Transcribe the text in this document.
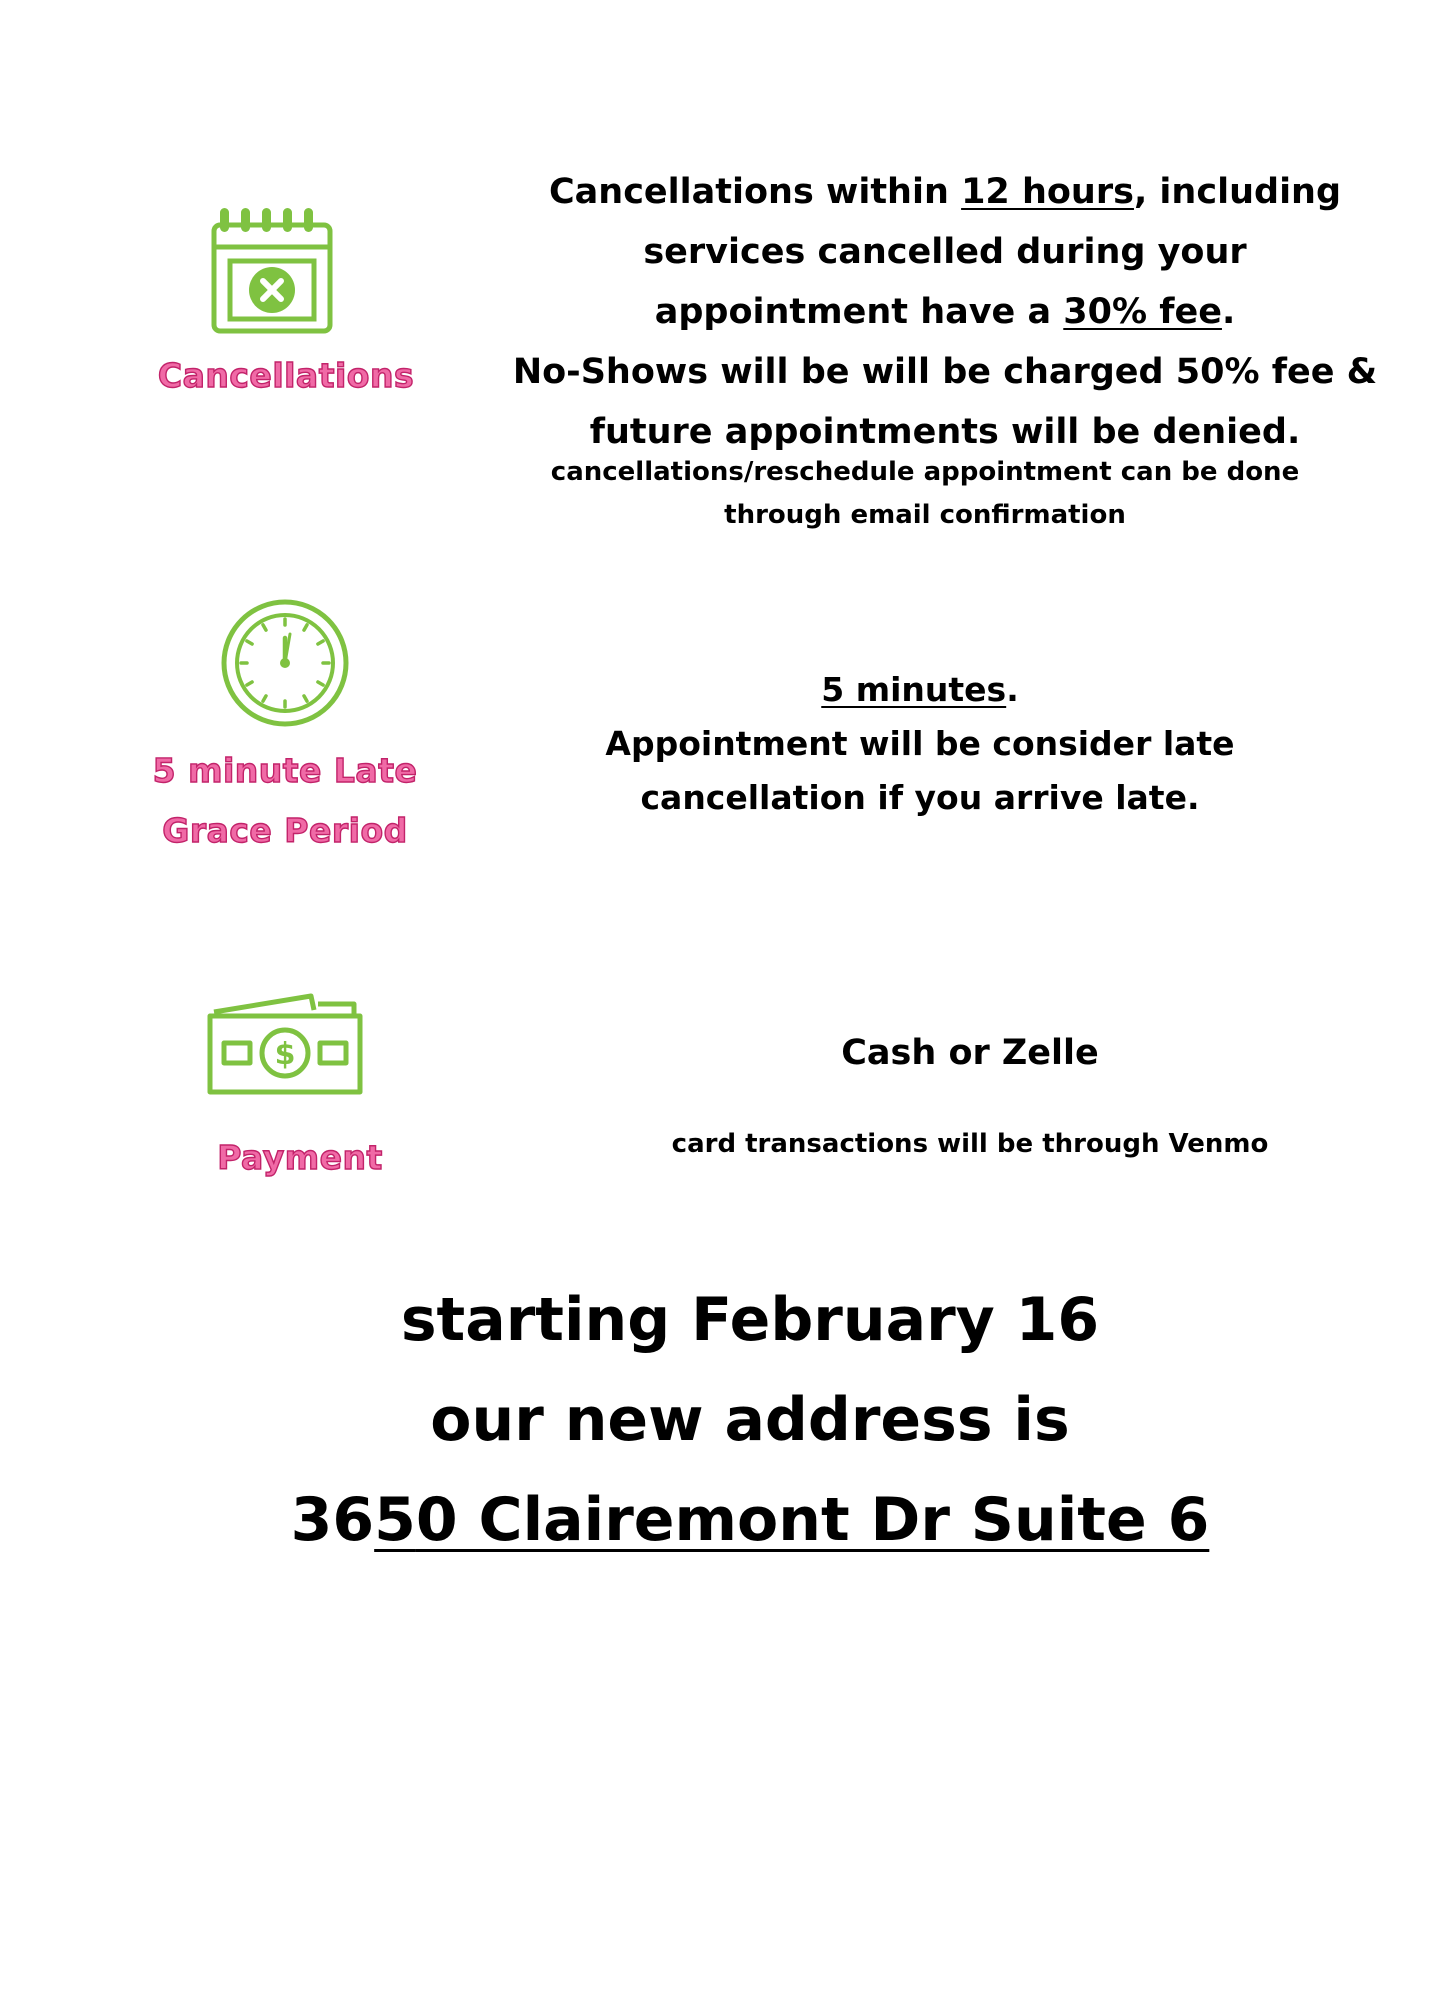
Cancellations
Cancellations within 12 hours, including
services cancelled during your
appointment have a 30% fee.
No-Shows will be will be charged 50% fee &
future appointments will be denied.
cancellations/reschedule appointment can be done
through email confirmation
5 minute Late
Grace Period
5 minutes.
Appointment will be consider late
cancellation if you arrive late.
$
Payment
Cash or Zelle
card transactions will be through Venmo
starting February 16
our new address is
3650 Clairemont Dr Suite 6
